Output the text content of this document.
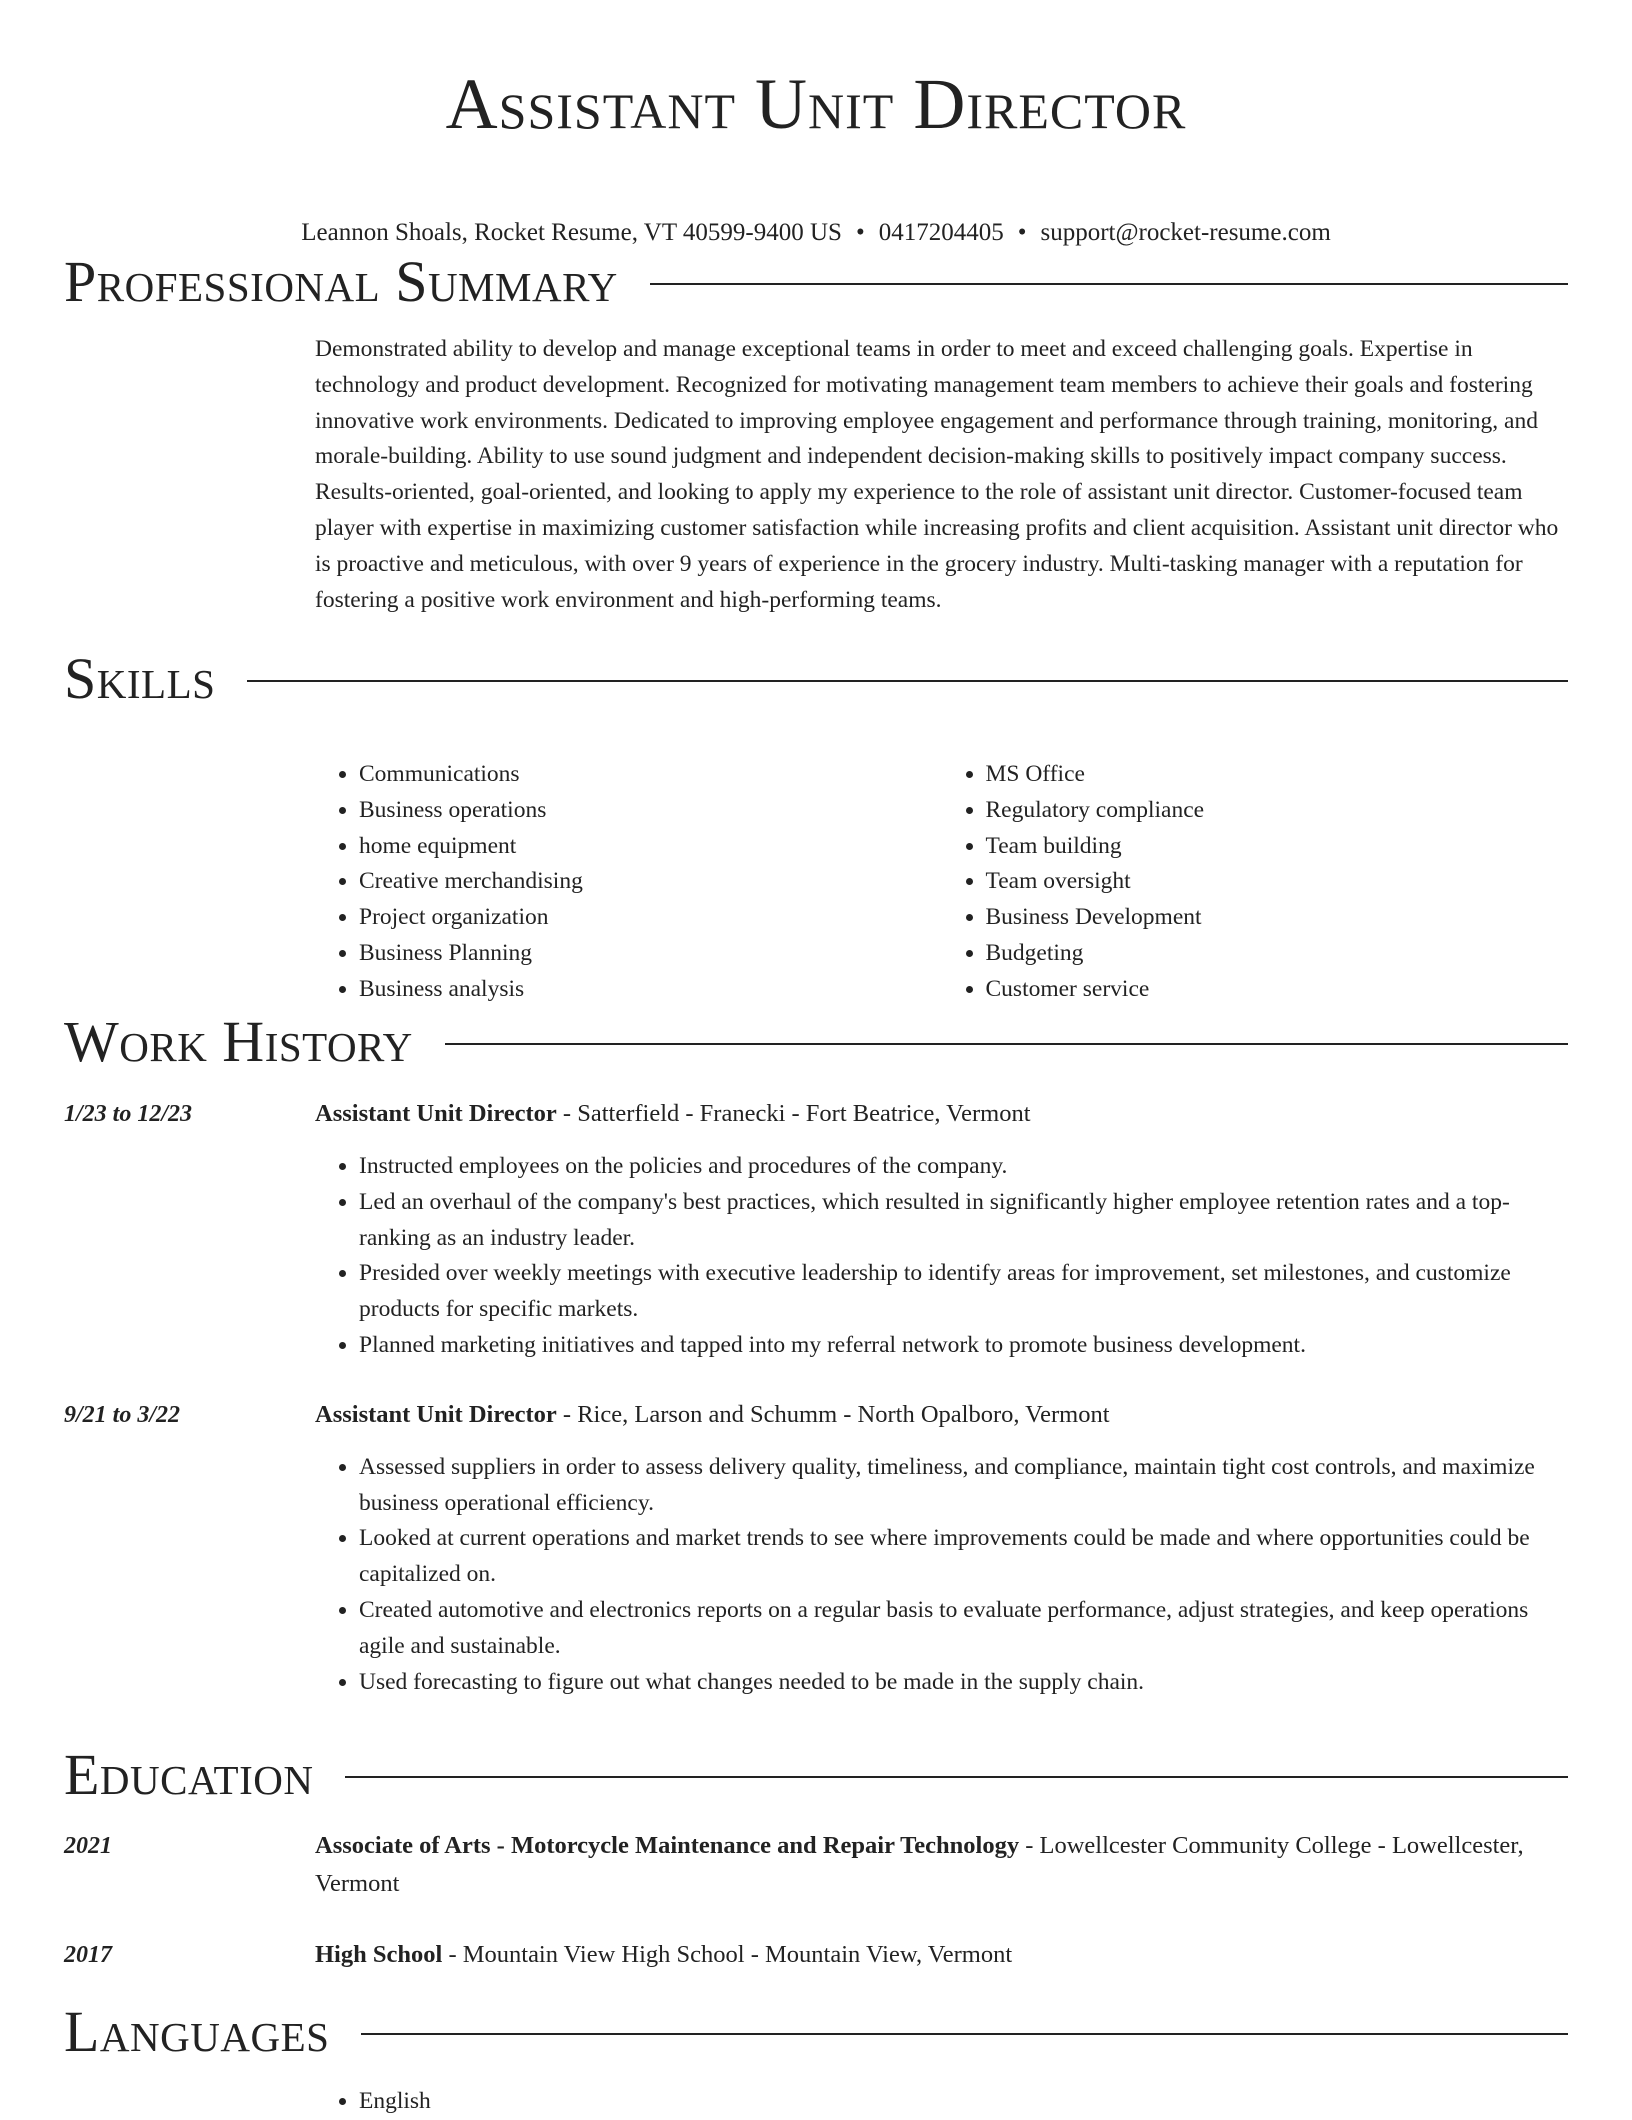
Assistant Unit Director
Leannon Shoals, Rocket Resume, VT 40599-9400 US • 0417204405 • support@rocket-resume.com
Professional Summary
Demonstrated ability to develop and manage exceptional teams in order to meet and exceed challenging goals. Expertise in technology and product development. Recognized for motivating management team members to achieve their goals and fostering innovative work environments. Dedicated to improving employee engagement and performance through training, monitoring, and morale-building. Ability to use sound judgment and independent decision-making skills to positively impact company success. Results-oriented, goal-oriented, and looking to apply my experience to the role of assistant unit director. Customer-focused team player with expertise in maximizing customer satisfaction while increasing profits and client acquisition. Assistant unit director who is proactive and meticulous, with over 9 years of experience in the grocery industry. Multi-tasking manager with a reputation for fostering a positive work environment and high-performing teams.
Skills
• Communications
• Business operations
• home equipment
• Creative merchandising
• Project organization
• Business Planning
• Business analysis
• MS Office
• Regulatory compliance
• Team building
• Team oversight
• Business Development
• Budgeting
• Customer service
Work History
1/23 to 12/23	Assistant Unit Director - Satterfield - Franecki - Fort Beatrice, Vermont
• Instructed employees on the policies and procedures of the company.
• Led an overhaul of the company's best practices, which resulted in significantly higher employee retention rates and a top-ranking as an industry leader.
• Presided over weekly meetings with executive leadership to identify areas for improvement, set milestones, and customize products for specific markets.
• Planned marketing initiatives and tapped into my referral network to promote business development.
9/21 to 3/22	Assistant Unit Director - Rice, Larson and Schumm - North Opalboro, Vermont
• Assessed suppliers in order to assess delivery quality, timeliness, and compliance, maintain tight cost controls, and maximize business operational efficiency.
• Looked at current operations and market trends to see where improvements could be made and where opportunities could be capitalized on.
• Created automotive and electronics reports on a regular basis to evaluate performance, adjust strategies, and keep operations agile and sustainable.
• Used forecasting to figure out what changes needed to be made in the supply chain.
Education
2021	Associate of Arts - Motorcycle Maintenance and Repair Technology - Lowellcester Community College - Lowellcester, Vermont
2017	High School - Mountain View High School - Mountain View, Vermont
Languages
• English
